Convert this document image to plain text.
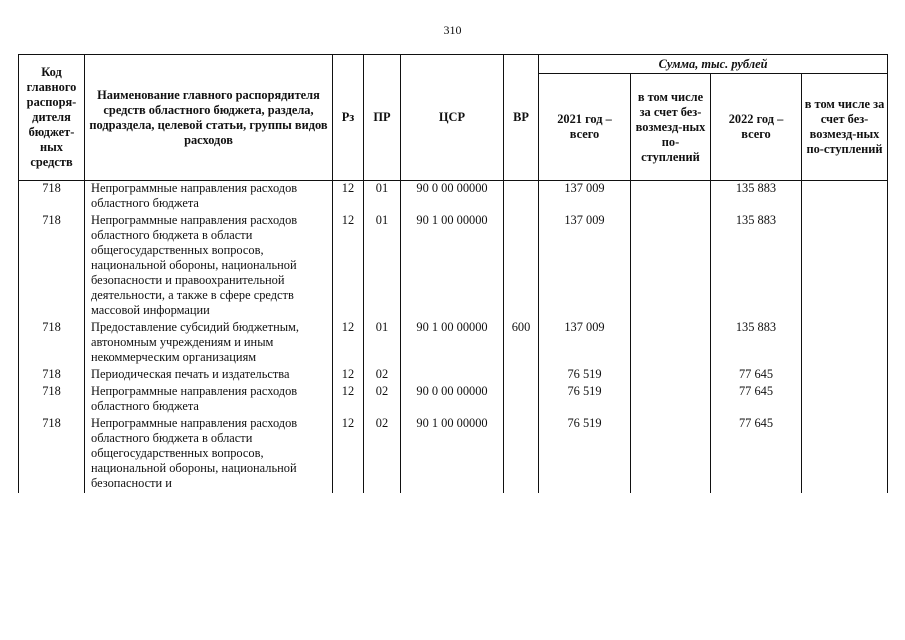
310
Код главного распоря-дителя бюджет-ных средств	Наименование главного распорядителя средств областного бюджета, раздела, подраздела, целевой статьи, группы видов расходов	Рз	ПР	ЦСР	ВР	Сумма, тыс. рублей			
						2021 год – всего	в том числе за счет без-возмезд-ных по-ступлений	2022 год – всего	в том числе за счет без-возмезд-ных по-ступлений
718	Непрограммные направления расходов областного бюджета	12	01	90 0 00 00000		137 009		135 883	
718	Непрограммные направления расходов областного бюджета в области общегосударственных вопросов, национальной обороны, национальной безопасности и правоохранительной деятельности, а также в сфере средств массовой информации	12	01	90 1 00 00000		137 009		135 883	
718	Предоставление субсидий бюджетным, автономным учреждениям и иным некоммерческим организациям	12	01	90 1 00 00000	600	137 009		135 883	
718	Периодическая печать и издательства	12	02			76 519		77 645	
718	Непрограммные направления расходов областного бюджета	12	02	90 0 00 00000		76 519		77 645	
718	Непрограммные направления расходов областного бюджета в области общегосударственных вопросов, национальной обороны, национальной безопасности и	12	02	90 1 00 00000		76 519		77 645	
